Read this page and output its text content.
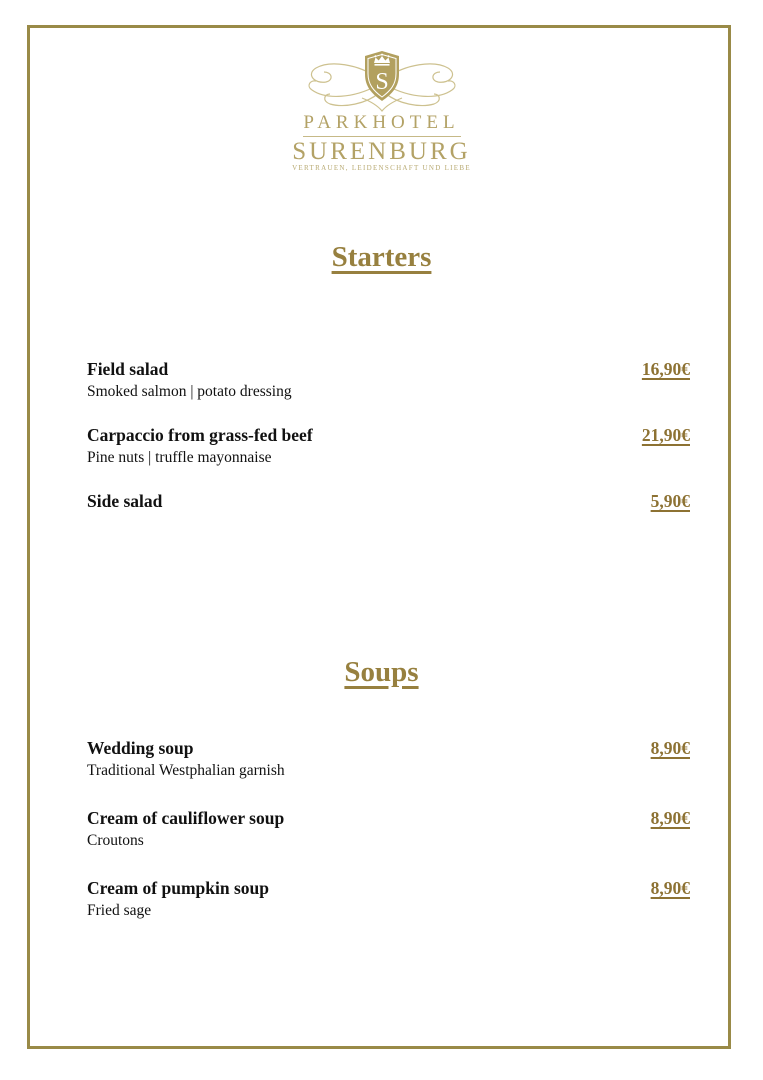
S
PARKHOTEL
SURENBURG
VERTRAUEN, LEIDENSCHAFT UND LIEBE
Starters
Field salad	16,90€
Smoked salmon | potato dressing
Carpaccio from grass-fed beef	21,90€
Pine nuts | truffle mayonnaise
Side salad	5,90€
Soups
Wedding soup	8,90€
Traditional Westphalian garnish
Cream of cauliflower soup	8,90€
Croutons
Cream of pumpkin soup	8,90€
Fried sage
